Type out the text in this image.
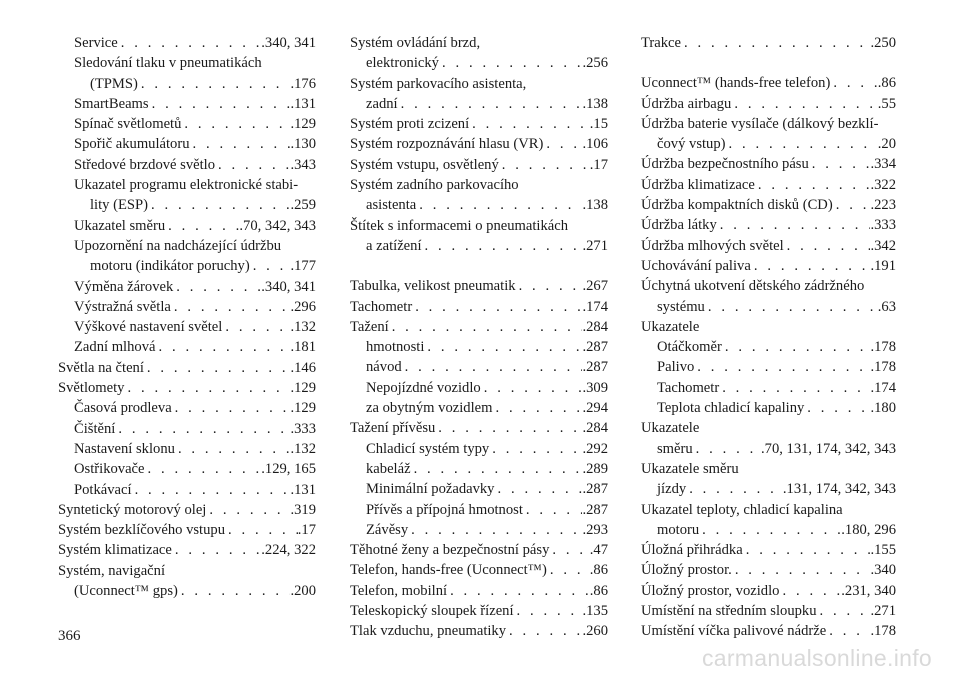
Service . . .	.340, 341
Sledování tlaku v pneumatikách
(TPMS) . . .	.176
SmartBeams . . .	.131
Spínač světlometů . . .	.129
Spořič akumulátoru . . .	.130
Středové brzdové světlo . . .	.343
Ukazatel programu elektronické stabi-
lity (ESP) . . .	.259
Ukazatel směru . . .	.70, 342, 343
Upozornění na nadcházející údržbu
motoru (indikátor poruchy) . . .	.177
Výměna žárovek . . .	.340, 341
Výstražná světla . . .	.296
Výškové nastavení světel . . .	.132
Zadní mlhová . . .	.181
Světla na čtení . . .	.146
Světlomety . . .	.129
Časová prodleva . . .	.129
Čištění . . .	.333
Nastavení sklonu . . .	.132
Ostřikovače . . .	.129, 165
Potkávací . . .	.131
Syntetický motorový olej . . .	.319
Systém bezklíčového vstupu . . .	.17
Systém klimatizace . . .	.224, 322
Systém, navigační
(Uconnect™ gps) . . .	.200
Systém ovládání brzd,
elektronický . . .	.256
Systém parkovacího asistenta,
zadní . . .	.138
Systém proti zcizení . . .	.15
Systém rozpoznávání hlasu (VR) . . .	.106
Systém vstupu, osvětlený . . .	.17
Systém zadního parkovacího
asistenta . . .	.138
Štítek s informacemi o pneumatikách
a zatížení . . .	.271
Tabulka, velikost pneumatik . . .	.267
Tachometr . . .	.174
Tažení . . .	.284
hmotnosti . . .	.287
návod . . .	.287
Nepojízdné vozidlo . . .	.309
za obytným vozidlem . . .	.294
Tažení přívěsu . . .	.284
Chladicí systém typy . . .	.292
kabeláž . . .	.289
Minimální požadavky . . .	.287
Přívěs a přípojná hmotnost . . .	.287
Závěsy . . .	.293
Těhotné ženy a bezpečnostní pásy . . .	.47
Telefon, hands-free (Uconnect™) . . .	.86
Telefon, mobilní . . .	.86
Teleskopický sloupek řízení . . .	.135
Tlak vzduchu, pneumatiky . . .	.260
Trakce . . .	.250
Uconnect™ (hands-free telefon) . . .	.86
Údržba airbagu . . .	.55
Údržba baterie vysílače (dálkový bezklí-
čový vstup) . . .	.20
Údržba bezpečnostního pásu . . .	.334
Údržba klimatizace . . .	.322
Údržba kompaktních disků (CD) . . .	.223
Údržba látky . . .	.333
Údržba mlhových světel . . .	.342
Uchovávání paliva . . .	.191
Úchytná ukotvení dětského zádržného
systému . . .	.63
Ukazatele
Otáčkoměr . . .	.178
Palivo . . .	.178
Tachometr . . .	.174
Teplota chladicí kapaliny . . .	.180
Ukazatele
směru . . .	.70, 131, 174, 342, 343
Ukazatele směru
jízdy . . .	.131, 174, 342, 343
Ukazatel teploty, chladicí kapalina
motoru . . .	.180, 296
Úložná přihrádka . . .	.155
Úložný prostor. . . .	.340
Úložný prostor, vozidlo . . .	.231, 340
Umístění na středním sloupku . . .	.271
Umístění víčka palivové nádrže . . .	.178
366
carmanualsonline.info
